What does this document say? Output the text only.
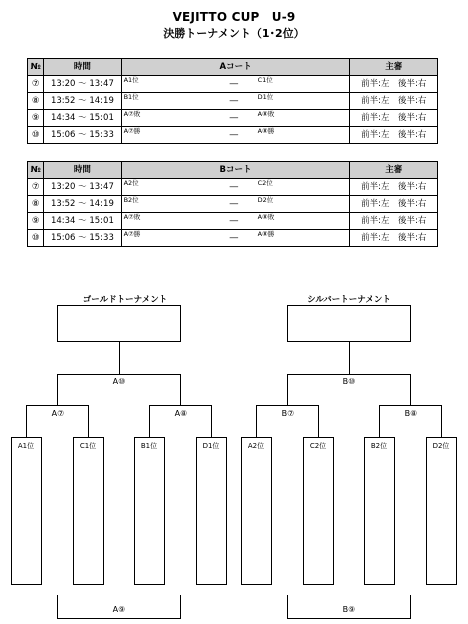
VEJITTO CUP　U-9
決勝トーナメント（1･2位）
№	時間	Aコート	主審
⑦	13:20 ～ 13:47	A1位 ― C1位	前半:左　後半:右
⑧	13:52 ～ 14:19	B1位 ― D1位	前半:左　後半:右
⑨	14:34 ～ 15:01	A⑦敗 ― A⑧敗	前半:左　後半:右
⑩	15:06 ～ 15:33	A⑦勝 ― A⑧勝	前半:左　後半:右
№	時間	Bコート	主審
⑦	13:20 ～ 13:47	A2位 ― C2位	前半:左　後半:右
⑧	13:52 ～ 14:19	B2位 ― D2位	前半:左　後半:右
⑨	14:34 ～ 15:01	A⑦敗 ― A⑧敗	前半:左　後半:右
⑩	15:06 ～ 15:33	A⑦勝 ― A⑧勝	前半:左　後半:右
ゴールドトーナメント
A⑩
A⑦	A⑧
A1位	C1位	B1位	D1位
A⑨
シルバートーナメント
B⑩
B⑦	B⑧
A2位	C2位	B2位	D2位
B⑨
